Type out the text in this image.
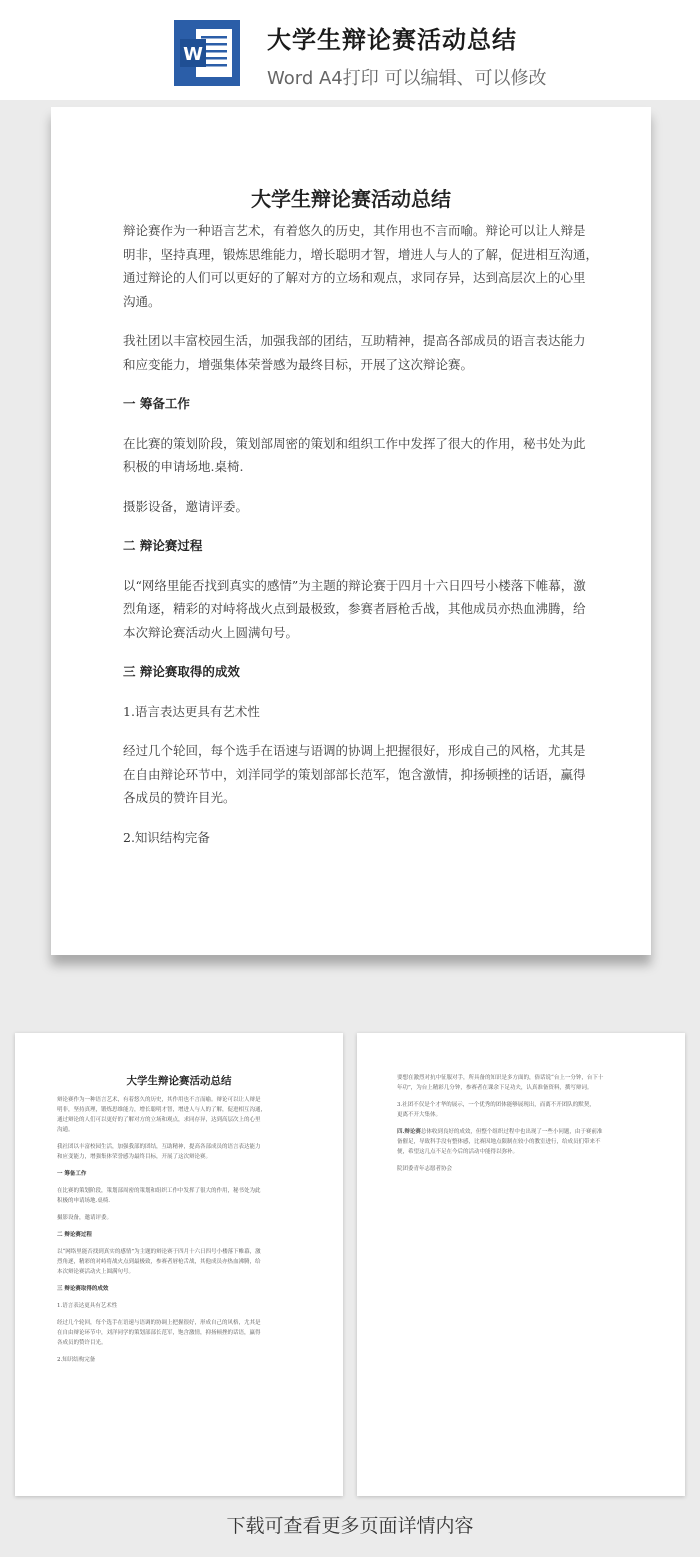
W
大学生辩论赛活动总结
Word A4打印 可以编辑、可以修改
大学生辩论赛活动总结

辩论赛作为一种语言艺术，有着悠久的历史，其作用也不言而喻。辩论可以让人辩是

明非，坚持真理，锻炼思维能力，增长聪明才智，增进人与人的了解，促进相互沟通，

通过辩论的人们可以更好的了解对方的立场和观点，求同存异，达到高层次上的心里

沟通。

我社团以丰富校园生活，加强我部的团结，互助精神，提高各部成员的语言表达能力

和应变能力，增强集体荣誉感为最终目标，开展了这次辩论赛。

一 筹备工作

在比赛的策划阶段，策划部周密的策划和组织工作中发挥了很大的作用，秘书处为此

积极的申请场地.桌椅.

摄影设备，邀请评委。

二 辩论赛过程

以“网络里能否找到真实的感情”为主题的辩论赛于四月十六日四号小楼落下帷幕，激

烈角逐，精彩的对峙将战火点到最极致，参赛者唇枪舌战，其他成员亦热血沸腾，给

本次辩论赛活动火上圆满句号。

三 辩论赛取得的成效

1.语言表达更具有艺术性

经过几个轮回，每个选手在语速与语调的协调上把握很好，形成自己的风格，尤其是

在自由辩论环节中，刘洋同学的策划部部长范军，饱含激情，抑扬顿挫的话语，赢得

各成员的赞许目光。

2.知识结构完备

大学生辩论赛活动总结

辩论赛作为一种语言艺术，有着悠久的历史，其作用也不言而喻。辩论可以让人辩是

明非，坚持真理，锻炼思维能力，增长聪明才智，增进人与人的了解，促进相互沟通，

通过辩论的人们可以更好的了解对方的立场和观点，求同存异，达到高层次上的心里

沟通。

我社团以丰富校园生活，加强我部的团结，互助精神，提高各部成员的语言表达能力

和应变能力，增强集体荣誉感为最终目标，开展了这次辩论赛。

一 筹备工作

在比赛的策划阶段，策划部周密的策划和组织工作中发挥了很大的作用，秘书处为此

积极的申请场地.桌椅.

摄影设备，邀请评委。

二 辩论赛过程

以“网络里能否找到真实的感情”为主题的辩论赛于四月十六日四号小楼落下帷幕，激

烈角逐，精彩的对峙将战火点到最极致，参赛者唇枪舌战，其他成员亦热血沸腾，给

本次辩论赛活动火上圆满句号。

三 辩论赛取得的成效

1.语言表达更具有艺术性

经过几个轮回，每个选手在语速与语调的协调上把握很好，形成自己的风格，尤其是

在自由辩论环节中，刘洋同学的策划部部长范军，饱含激情，抑扬顿挫的话语，赢得

各成员的赞许目光。

2.知识结构完备

要想在激烈对抗中征服对手，所具备的知识是多方面的，俗话说“台上一分钟，台下十

年功”，为台上精彩几分钟，参赛者在课余下足功夫，认真准备资料，撰写辩词。

3.社团不仅是个才华的展示，一个优秀的团体能够展现出，而离不开团队的默契，

更离不开大集体。

四.辩论赛总体收到良好的成效，但整个组织过程中也出现了一些小问题，由于赛前准

备催足，导致科手没有整体感，比赛因地点限制在较小的教室进行，给成员们带来不

便，希望这几点不足在今后的活动中能得以弥补。

院团委青年志愿者协会

下载可查看更多页面详情内容
